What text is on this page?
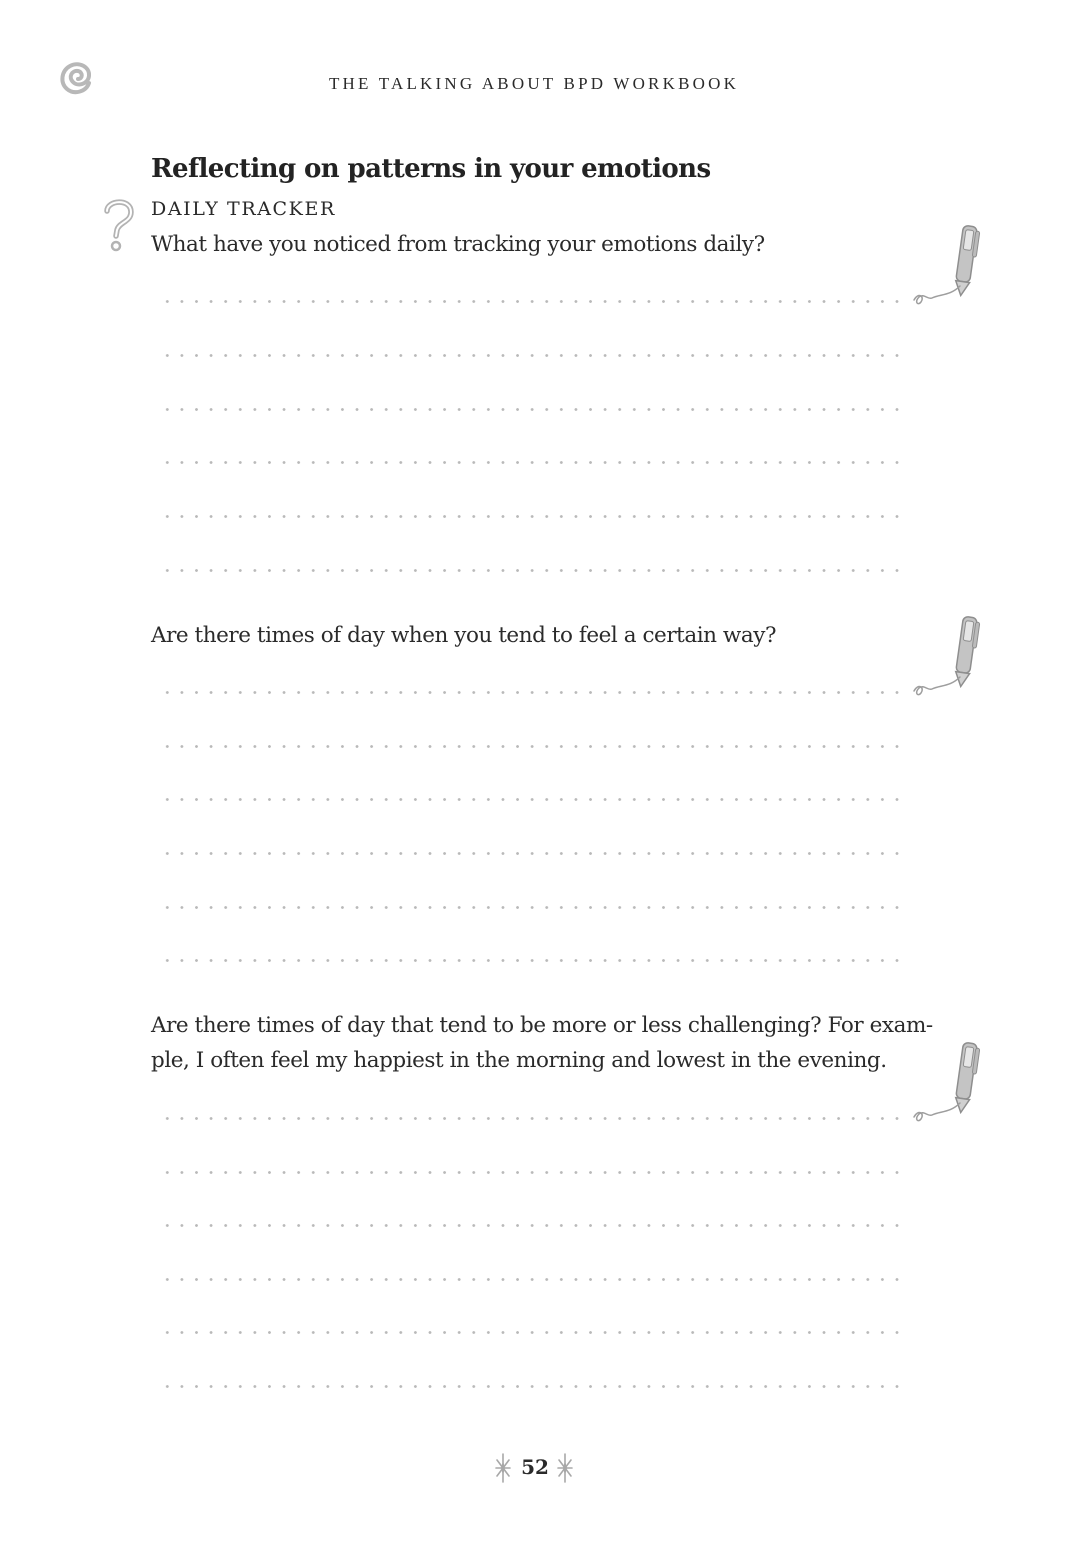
THE TALKING ABOUT BPD WORKBOOK
Reflecting on patterns in your emotions
DAILY TRACKER
What have you noticed from tracking your emotions daily?
Are there times of day when you tend to feel a certain way?
Are there times of day that tend to be more or less challenging? For exam-
ple, I often feel my happiest in the morning and lowest in the evening.
52
